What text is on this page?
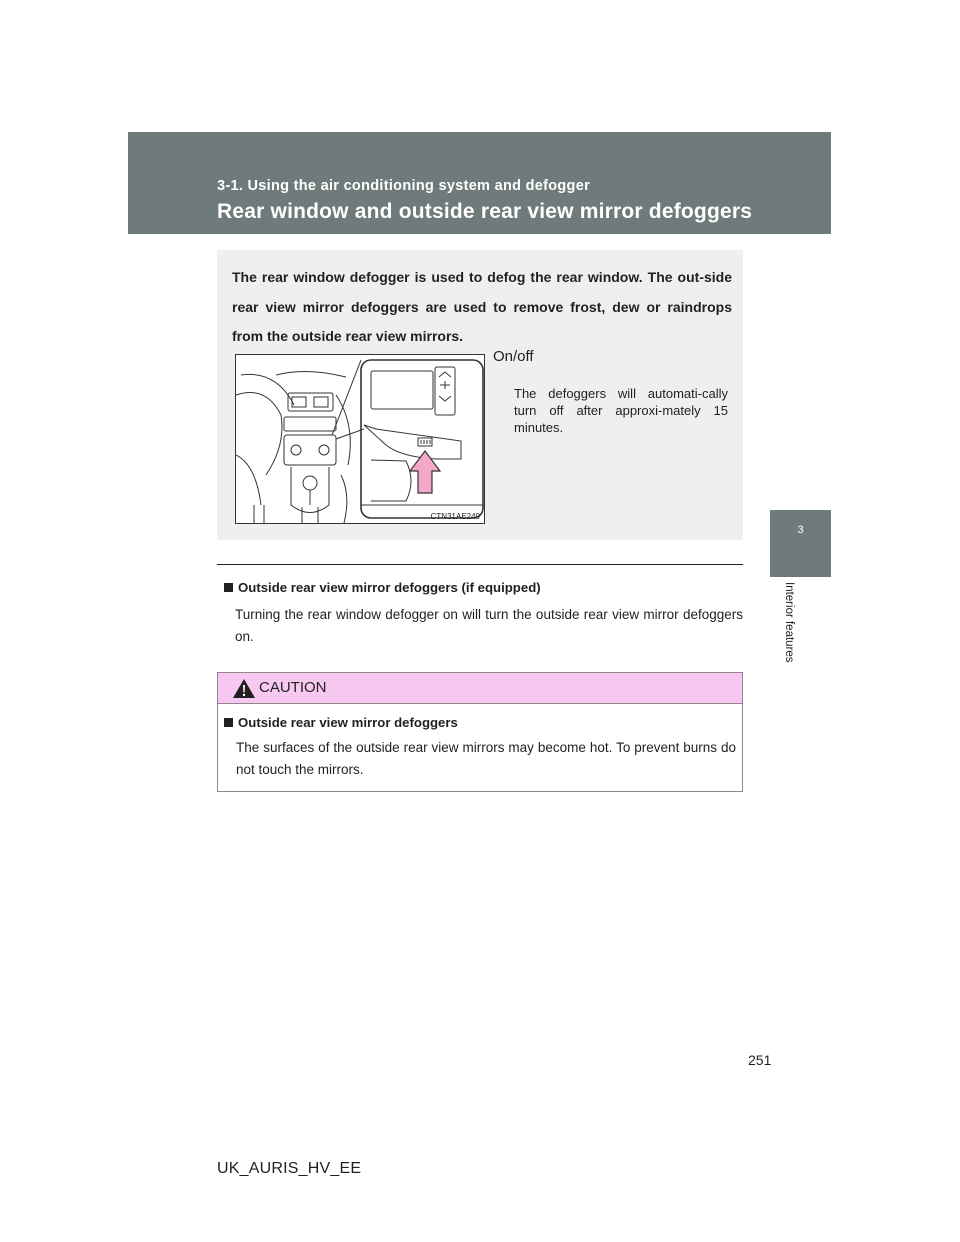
3-1. Using the air conditioning system and defogger
Rear window and outside rear view mirror defoggers
3
Interior features

The rear window defogger is used to defog the rear window. The out-side rear view mirror defoggers are used to remove frost, dew or raindrops from the outside rear view mirrors.

CTN31AE240
On/off

The defoggers will automati-cally turn off after approxi-mately 15 minutes.

Outside rear view mirror defoggers (if equipped)

Turning the rear window defogger on will turn the outside rear view mirror defoggers on.

CAUTION
Outside rear view mirror defoggers

The surfaces of the outside rear view mirrors may become hot. To prevent burns do not touch the mirrors.

251
UK_AURIS_HV_EE
